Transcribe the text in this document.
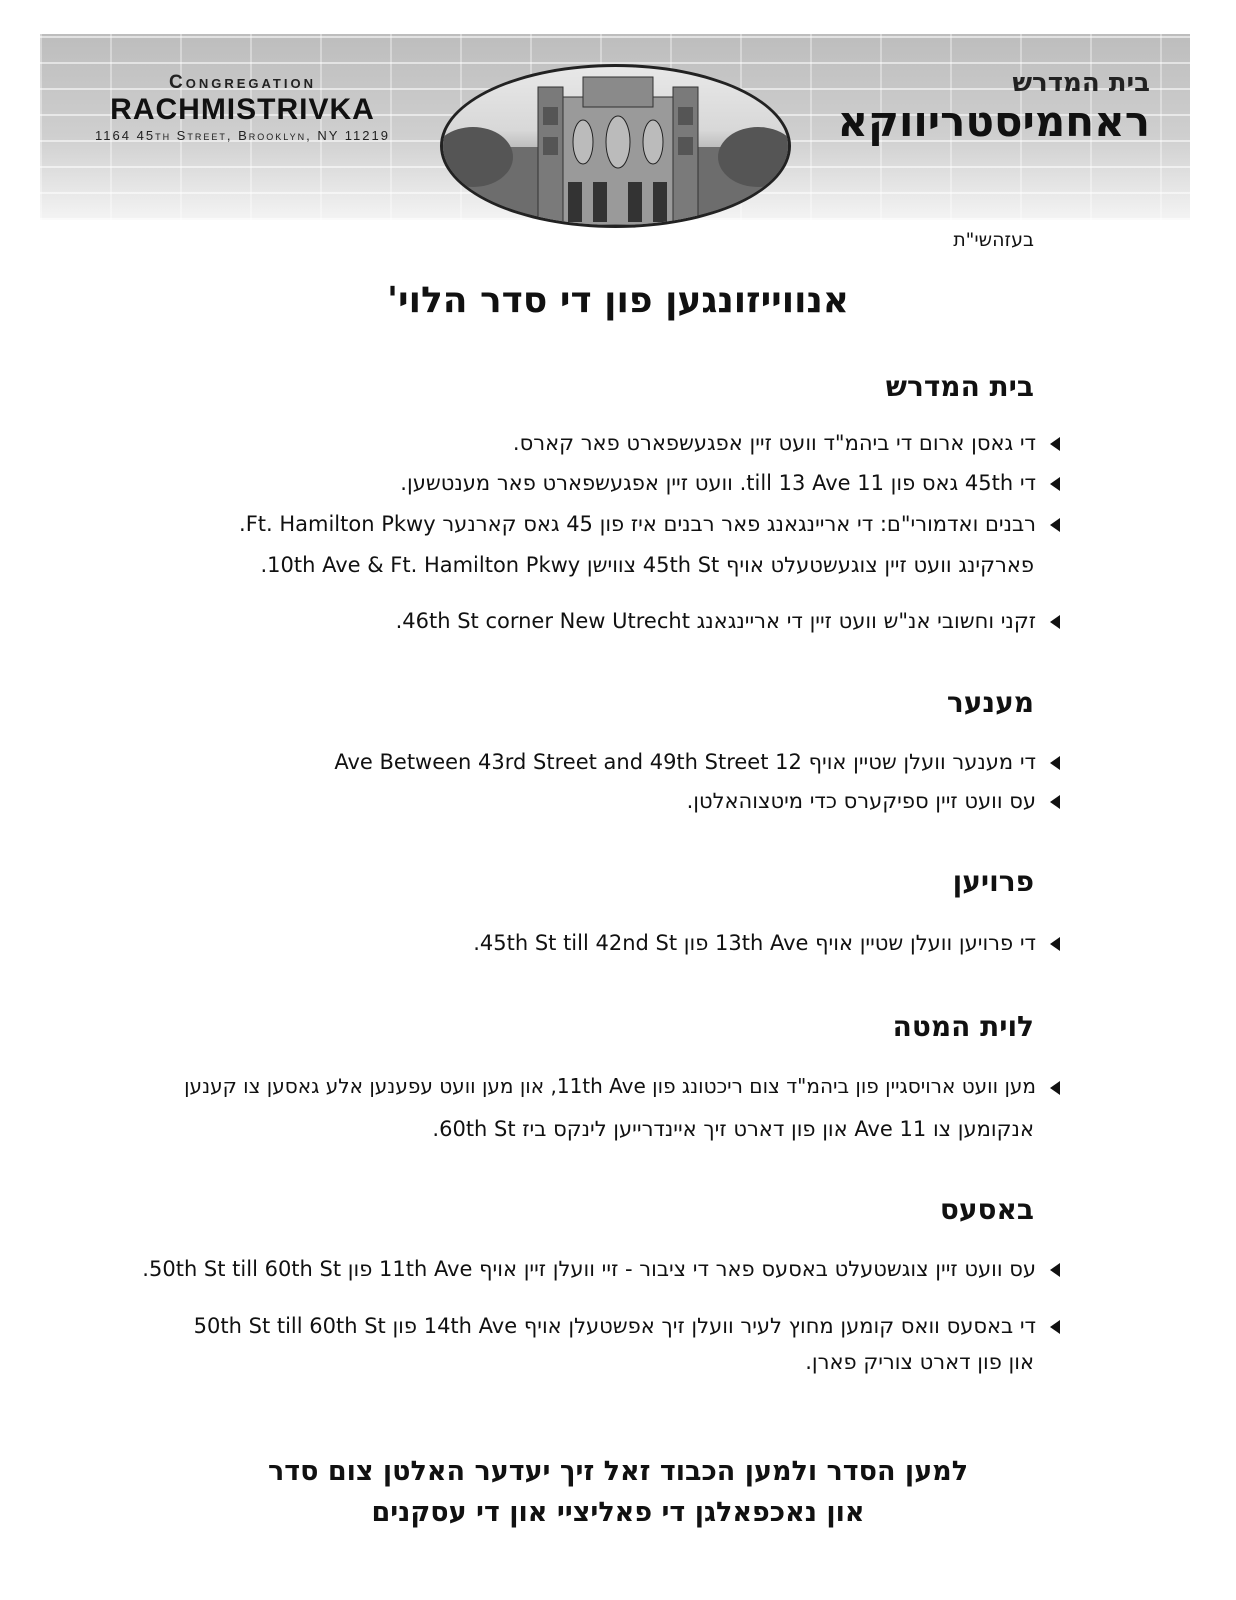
Congregation
RACHMISTRIVKA
1164 45th Street, Brooklyn, NY 11219
בית המדרש
ראחמיסטריווקא
בעזהשי"ת
אנווייזונגען פון די סדר הלוי'
בית המדרש
די גאסן ארום די ביהמ"ד וועט זיין אפגעשפארט פאר קארס.
די 45th גאס פון 11 till 13 Ave. וועט זיין אפגעשפארט פאר מענטשען.
רבנים ואדמורי"ם: די אריינגאנג פאר רבנים איז פון 45 גאס קארנער Ft. Hamilton Pkwy.
פארקינג וועט זיין צוגעשטעלט אויף 45th St צווישן 10th Ave & Ft. Hamilton Pkwy.
זקני וחשובי אנ"ש וועט זיין די אריינגאנג 46th St corner New Utrecht.
מענער
די מענער וועלן שטיין אויף 12 Ave Between 43rd Street and 49th Street
עס וועט זיין ספיקערס כדי מיטצוהאלטן.
פרויען
די פרויען וועלן שטיין אויף 13th Ave פון 45th St till 42nd St.
לוית המטה
מען וועט ארויסגיין פון ביהמ"ד צום ריכטונג פון 11th Ave, און מען וועט עפענען אלע גאסען צו קענען
אנקומען צו 11 Ave און פון דארט זיך איינדרייען לינקס ביז 60th St.
באסעס
עס וועט זיין צוגשטעלט באסעס פאר די ציבור - זיי וועלן זיין אויף 11th Ave פון 50th St till 60th St.
די באסעס וואס קומען מחוץ לעיר וועלן זיך אפשטעלן אויף 14th Ave פון 50th St till 60th St
און פון דארט צוריק פארן.
למען הסדר ולמען הכבוד זאל זיך יעדער האלטן צום סדר
און נאכפאלגן די פאליציי און די עסקנים
